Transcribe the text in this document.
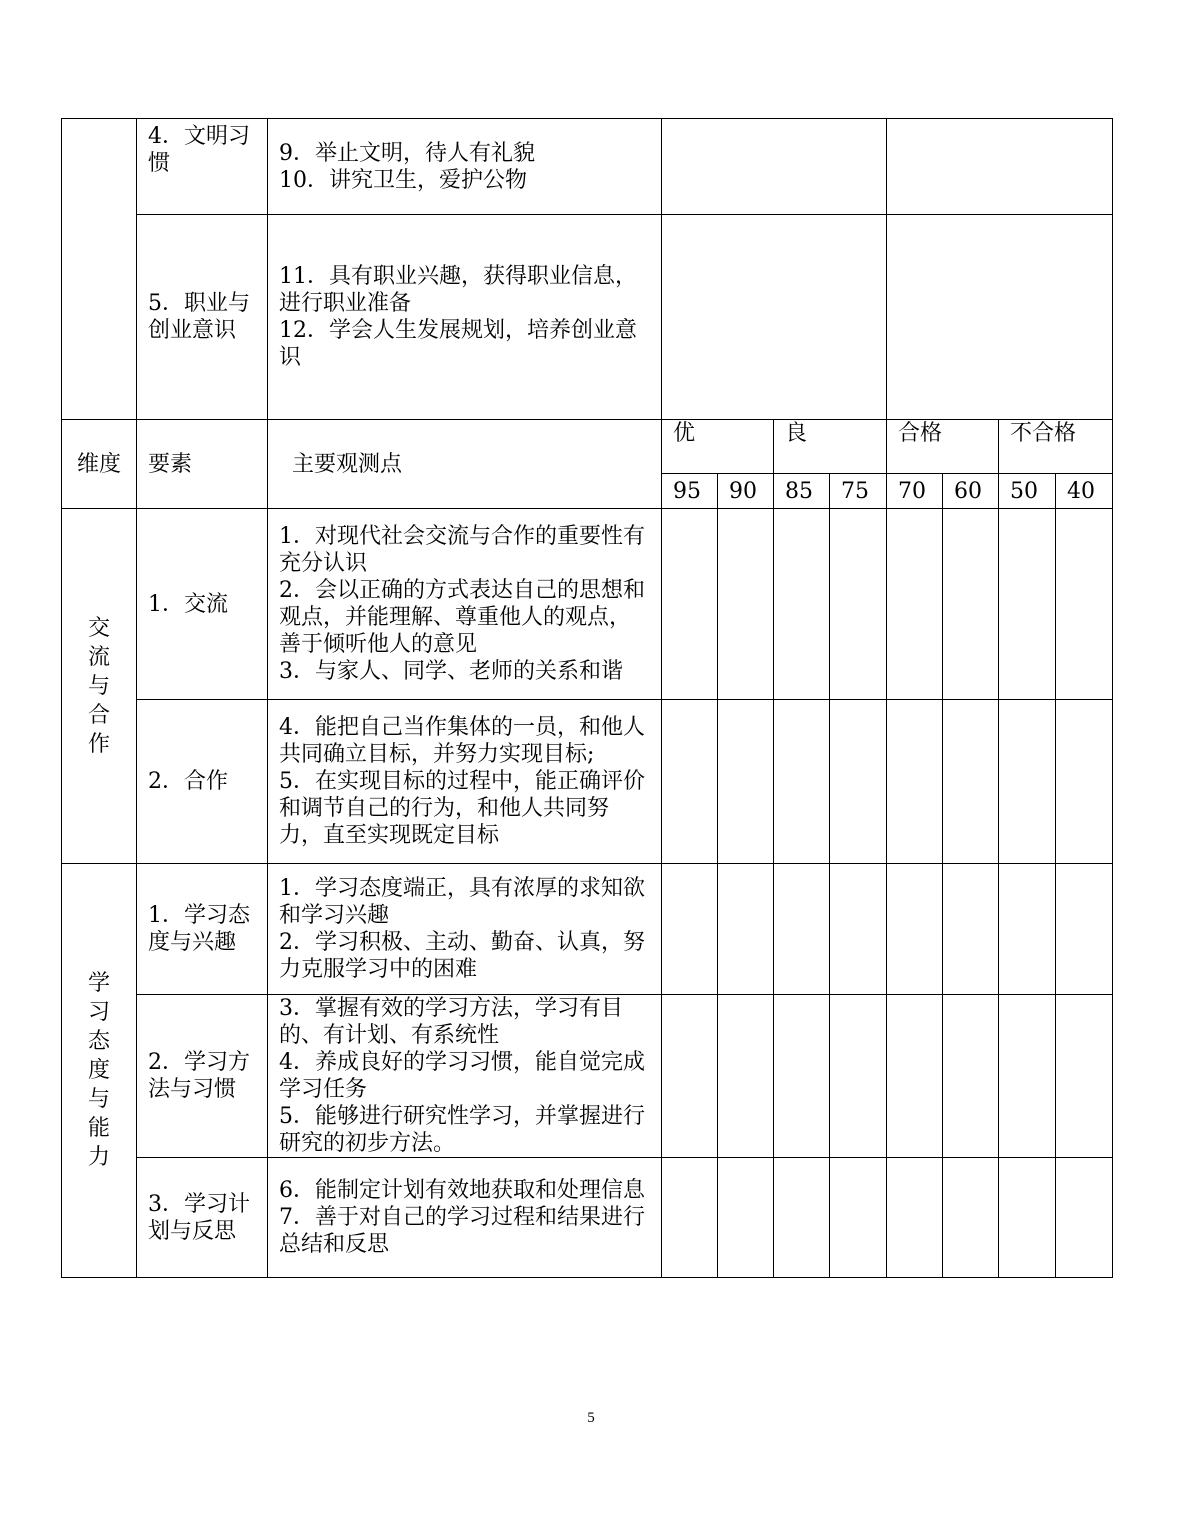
	4．文明习惯	9．举止文明，待人有礼貌
10．讲究卫生，爱护公物								

	5．职业与创业意识	11．具有职业兴趣，获得职业信息，进行职业准备
12．学会人生发展规划，培养创业意识								

维度	要素	主要观测点	优		良		合格		不合格	
			95	90	85	75	70	60	50	40
交流与合作	1．交流	1．对现代社会交流与合作的重要性有充分认识
2．会以正确的方式表达自己的思想和观点，并能理解、尊重他人的观点，善于倾听他人的意见
3．与家人、同学、老师的关系和谐								

	2．合作	4．能把自己当作集体的一员，和他人共同确立目标，并努力实现目标;
5．在实现目标的过程中，能正确评价和调节自己的行为，和他人共同努力，直至实现既定目标								

学习态度与能力	1．学习态度与兴趣	1．学习态度端正，具有浓厚的求知欲和学习兴趣
2．学习积极、主动、勤奋、认真，努力克服学习中的困难								

	2．学习方法与习惯	3．掌握有效的学习方法，学习有目的、有计划、有系统性
4．养成良好的学习习惯，能自觉完成学习任务
5．能够进行研究性学习，并掌握进行研究的初步方法。								

	3．学习计划与反思	6．能制定计划有效地获取和处理信息
7．善于对自己的学习过程和结果进行总结和反思								

5
